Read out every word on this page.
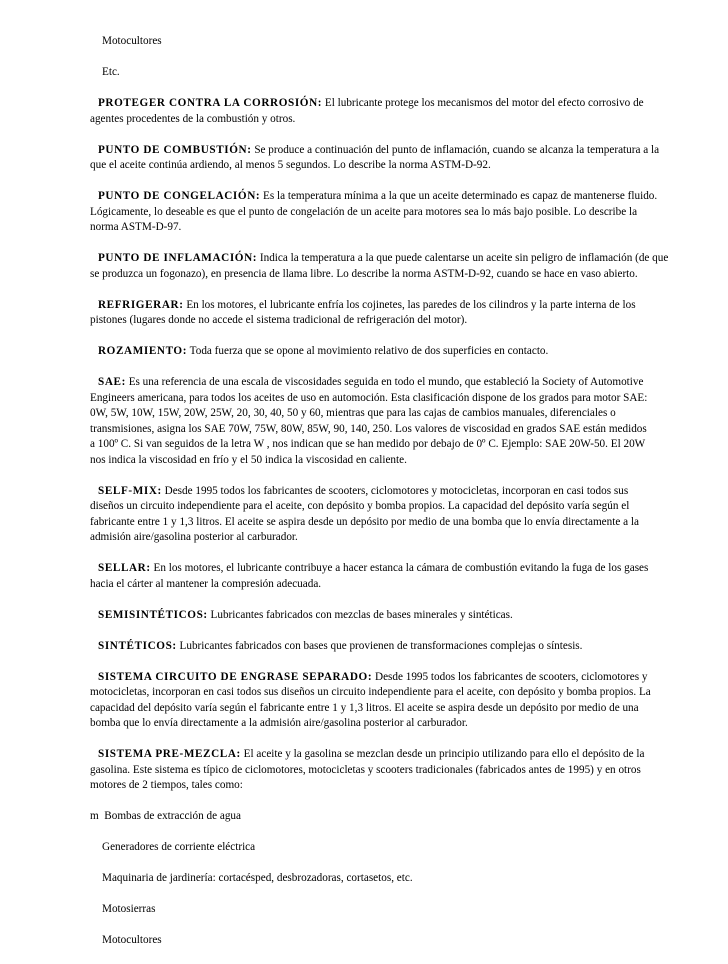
Motocultores
Etc.
PROTEGER CONTRA LA CORROSIÓN: El lubricante protege los mecanismos del motor del efecto corrosivo de
agentes procedentes de la combustión y otros.
PUNTO DE COMBUSTIÓN: Se produce a continuación del punto de inflamación, cuando se alcanza la temperatura a la
que el aceite continúa ardiendo, al menos 5 segundos. Lo describe la norma ASTM-D-92.
PUNTO DE CONGELACIÓN: Es la temperatura mínima a la que un aceite determinado es capaz de mantenerse fluido.
Lógicamente, lo deseable es que el punto de congelación de un aceite para motores sea lo más bajo posible. Lo describe la
norma ASTM-D-97.
PUNTO DE INFLAMACIÓN: Indica la temperatura a la que puede calentarse un aceite sin peligro de inflamación (de que
se produzca un fogonazo), en presencia de llama libre. Lo describe la norma ASTM-D-92, cuando se hace en vaso abierto.
REFRIGERAR: En los motores, el lubricante enfría los cojinetes, las paredes de los cilindros y la parte interna de los
pistones (lugares donde no accede el sistema tradicional de refrigeración del motor).
ROZAMIENTO: Toda fuerza que se opone al movimiento relativo de dos superficies en contacto.
SAE: Es una referencia de una escala de viscosidades seguida en todo el mundo, que estableció la Society of Automotive
Engineers americana, para todos los aceites de uso en automoción. Esta clasificación dispone de los grados para motor SAE:
0W, 5W, 10W, 15W, 20W, 25W, 20, 30, 40, 50 y 60, mientras que para las cajas de cambios manuales, diferenciales o
transmisiones, asigna los SAE 70W, 75W, 80W, 85W, 90, 140, 250. Los valores de viscosidad en grados SAE están medidos
a 100º C. Si van seguidos de la letra W , nos indican que se han medido por debajo de 0º C. Ejemplo: SAE 20W-50. El 20W
nos indica la viscosidad en frío y el 50 indica la viscosidad en caliente.
SELF-MIX: Desde 1995 todos los fabricantes de scooters, ciclomotores y motocicletas, incorporan en casi todos sus
diseños un circuito independiente para el aceite, con depósito y bomba propios. La capacidad del depósito varía según el
fabricante entre 1 y 1,3 litros. El aceite se aspira desde un depósito por medio de una bomba que lo envía directamente a la
admisión aire/gasolina posterior al carburador.
SELLAR: En los motores, el lubricante contribuye a hacer estanca la cámara de combustión evitando la fuga de los gases
hacia el cárter al mantener la compresión adecuada.
SEMISINTÉTICOS: Lubricantes fabricados con mezclas de bases minerales y sintéticas.
SINTÉTICOS: Lubricantes fabricados con bases que provienen de transformaciones complejas o síntesis.
SISTEMA CIRCUITO DE ENGRASE SEPARADO: Desde 1995 todos los fabricantes de scooters, ciclomotores y
motocicletas, incorporan en casi todos sus diseños un circuito independiente para el aceite, con depósito y bomba propios. La
capacidad del depósito varía según el fabricante entre 1 y 1,3 litros. El aceite se aspira desde un depósito por medio de una
bomba que lo envía directamente a la admisión aire/gasolina posterior al carburador.
SISTEMA PRE-MEZCLA: El aceite y la gasolina se mezclan desde un principio utilizando para ello el depósito de la
gasolina. Este sistema es típico de ciclomotores, motocicletas y scooters tradicionales (fabricados antes de 1995) y en otros
motores de 2 tiempos, tales como:
m Bombas de extracción de agua
Generadores de corriente eléctrica
Maquinaria de jardinería: cortacésped, desbrozadoras, cortasetos, etc.
Motosierras
Motocultores
